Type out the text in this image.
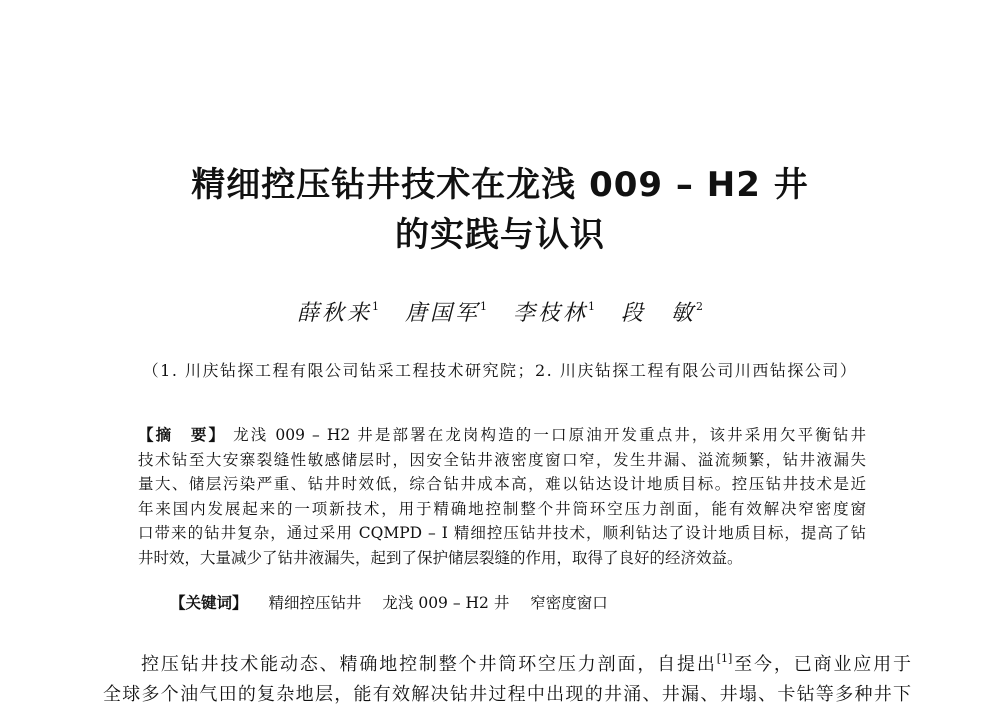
精细控压钻井技术在龙浅 009 – H2 井
的实践与认识
薛秋来$^1$ 唐国军$^1$ 李枝林$^1$ 段　敏$^2$
（1. 川庆钻探工程有限公司钻采工程技术研究院；2. 川庆钻探工程有限公司川西钻探公司）

【摘　要】 龙浅 009 – H2 井是部署在龙岗构造的一口原油开发重点井，该井采用欠平衡钻井

技术钻至大安寨裂缝性敏感储层时，因安全钻井液密度窗口窄，发生井漏、溢流频繁，钻井液漏失

量大、储层污染严重、钻井时效低，综合钻井成本高，难以钻达设计地质目标。控压钻井技术是近

年来国内发展起来的一项新技术，用于精确地控制整个井筒环空压力剖面，能有效解决窄密度窗

口带来的钻井复杂，通过采用 CQMPD – I 精细控压钻井技术，顺利钻达了设计地质目标，提高了钻

井时效，大量减少了钻井液漏失，起到了保护储层裂缝的作用，取得了良好的经济效益。

【关键词】 精细控压钻井 龙浅 009 – H2 井 窄密度窗口

控压钻井技术能动态、精确地控制整个井筒环空压力剖面，自提出[1]至今，已商业应用于

全球多个油气田的复杂地层，能有效解决钻井过程中出现的井涌、井漏、井塌、卡钻等多种井下
